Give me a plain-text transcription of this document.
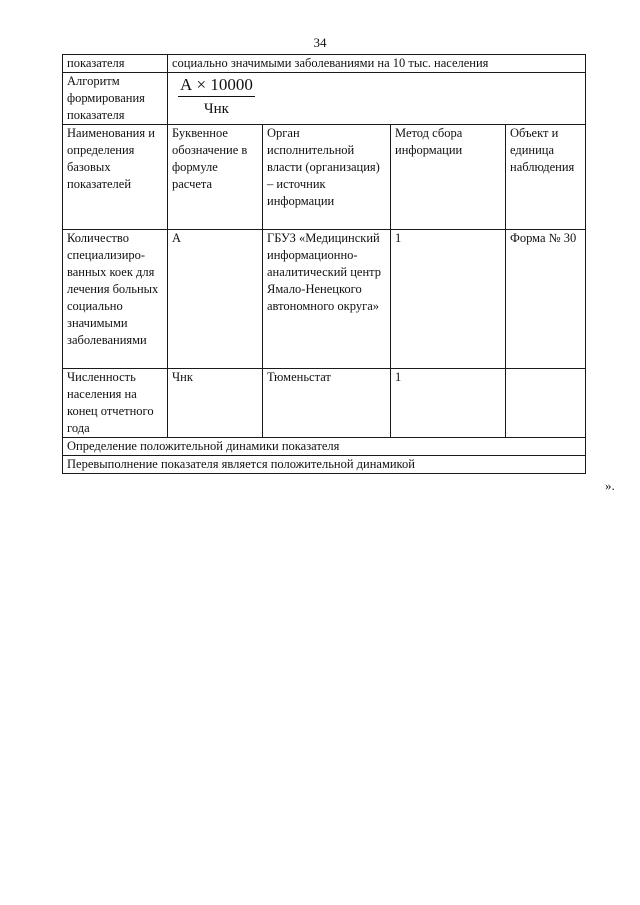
34
показателя	социально значимыми заболеваниями на 10 тыс. населения			
Алгоритм формирования показателя	$\frac{А \times 10000}{\text{Чнк}}$

Наименования и определения базовых показателей	Буквенное обозначение в формуле расчета	Орган исполнительной власти (организация) – источник информации	Метод сбора информации	Объект и единица наблюдения
Количество специализиро-ванных коек для лечения больных социально значимыми заболеваниями	А	ГБУЗ «Медицинский информационно-аналитический центр Ямало-Ненецкого автономного округа»	1	Форма № 30
Численность населения на конец отчетного года	Чнк	Тюменьстат	1	
Определение положительной динамики показателя				
Перевыполнение показателя является положительной динамикой				
».
